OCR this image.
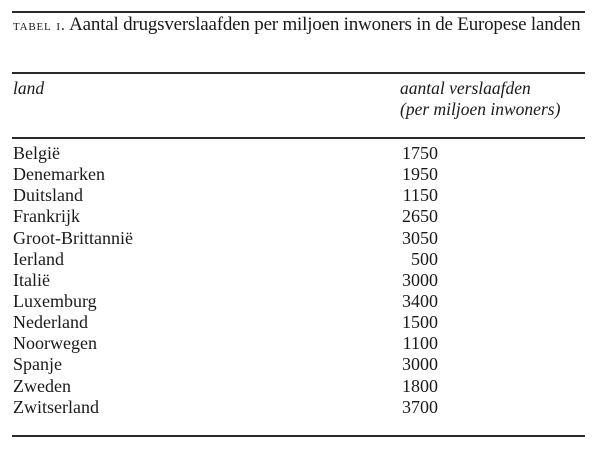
tabel i. Aantal drugsverslaafden per miljoen inwoners in de Europese landen
land	aantal verslaafden
(per miljoen inwoners)
België	1750
Denemarken	1950
Duitsland	1150
Frankrijk	2650
Groot-Brittannië	3050
Ierland	500
Italië	3000
Luxemburg	3400
Nederland	1500
Noorwegen	1100
Spanje	3000
Zweden	1800
Zwitserland	3700
